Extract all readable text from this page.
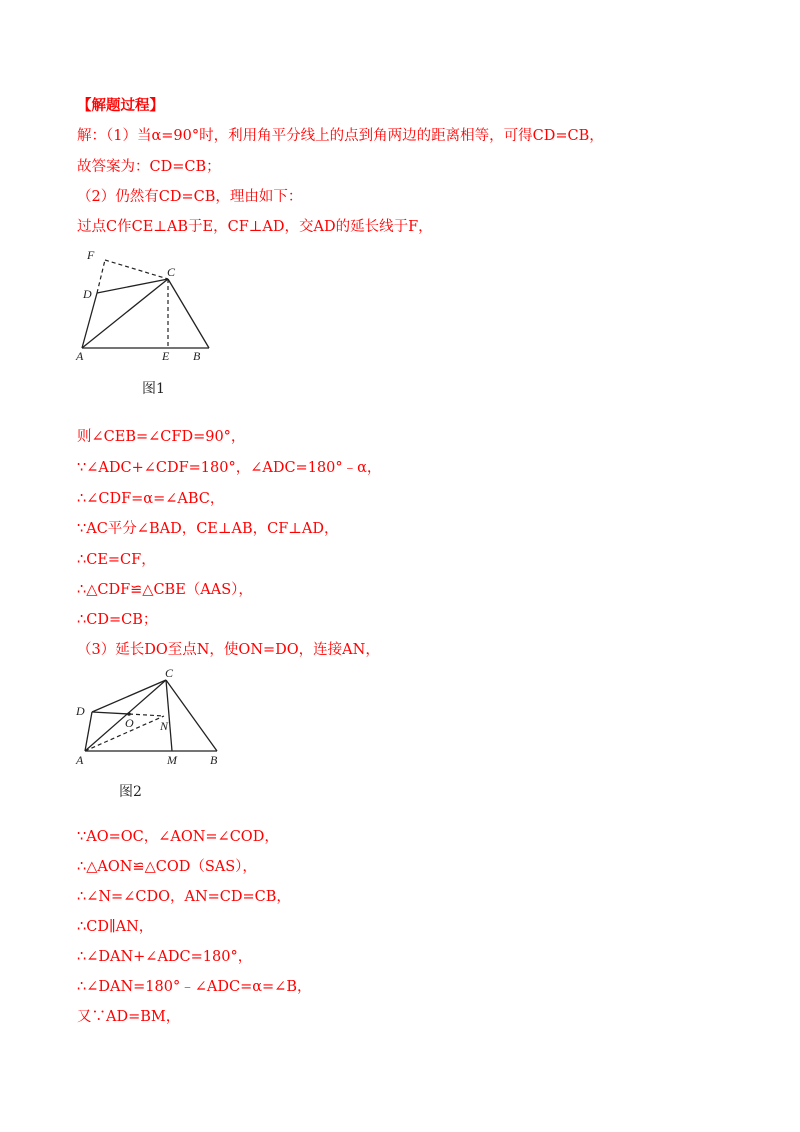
【解题过程】
解：（1）当α=90°时，利用角平分线上的点到角两边的距离相等，可得CD=CB，
故答案为：CD=CB；
（2）仍然有CD=CB，理由如下：
过点C作CE⊥AB于E，CF⊥AD，交AD的延长线于F，
F
C
D
A	E B
图1
则∠CEB=∠CFD=90°，
∵∠ADC+∠CDF=180°，∠ADC=180°﹣α，
∴∠CDF=α=∠ABC，
∵AC平分∠BAD，CE⊥AB，CF⊥AD，
∴CE=CF，
∴△CDF≌△CBE（AAS），
∴CD=CB；
（3）延长DO至点N，使ON=DO，连接AN，
C
D
O N
A	M	B
图2
∵AO=OC，∠AON=∠COD，
∴△AON≌△COD（SAS），
∴∠N=∠CDO，AN=CD=CB，
∴CD∥AN，
∴∠DAN+∠ADC=180°，
∴∠DAN=180°﹣∠ADC=α=∠B，
又∵AD=BM，
